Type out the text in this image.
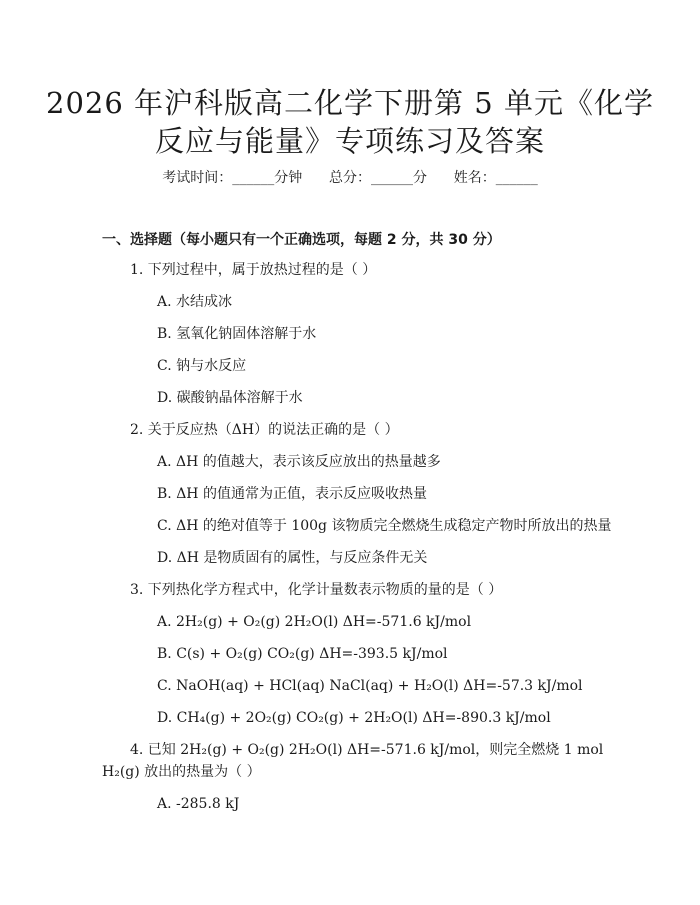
2026 年沪科版高二化学下册第 5 单元《化学
反应与能量》专项练习及答案
考试时间：______分钟      总分：______分      姓名：______
一、选择题（每小题只有一个正确选项，每题 2 分，共 30 分）
1. 下列过程中，属于放热过程的是（ ）
A. 水结成冰
B. 氢氧化钠固体溶解于水
C. 钠与水反应
D. 碳酸钠晶体溶解于水
2. 关于反应热（ΔH）的说法正确的是（ ）
A. ΔH 的值越大，表示该反应放出的热量越多
B. ΔH 的值通常为正值，表示反应吸收热量
C. ΔH 的绝对值等于 100g 该物质完全燃烧生成稳定产物时所放出的热量
D. ΔH 是物质固有的属性，与反应条件无关
3. 下列热化学方程式中，化学计量数表示物质的量的是（ ）
A. 2H₂(g) + O₂(g) 2H₂O(l) ΔH=-571.6 kJ/mol
B. C(s) + O₂(g) CO₂(g) ΔH=-393.5 kJ/mol
C. NaOH(aq) + HCl(aq) NaCl(aq) + H₂O(l) ΔH=-57.3 kJ/mol
D. CH₄(g) + 2O₂(g) CO₂(g) + 2H₂O(l) ΔH=-890.3 kJ/mol
4. 已知 2H₂(g) + O₂(g) 2H₂O(l) ΔH=-571.6 kJ/mol，则完全燃烧 1 mol
H₂(g) 放出的热量为（ ）
A. -285.8 kJ
